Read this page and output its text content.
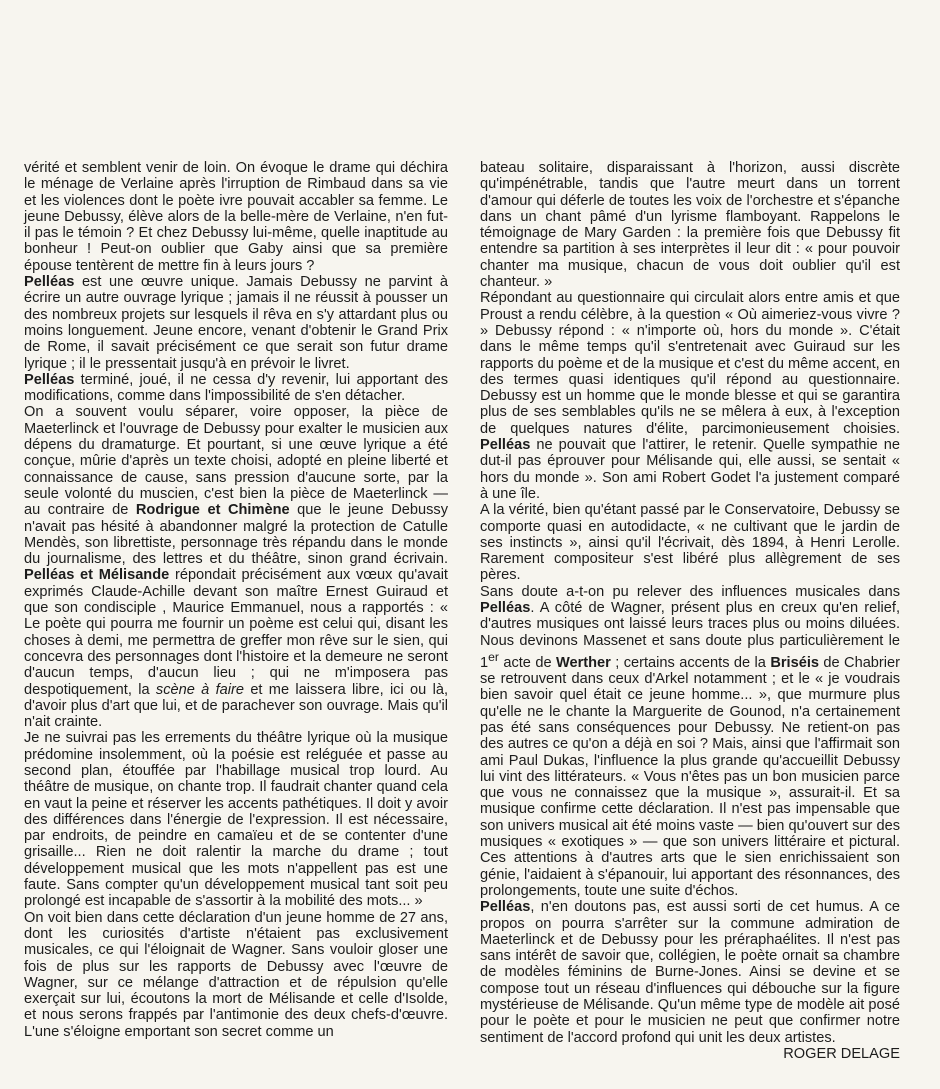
·

vérité et semblent venir de loin. On évoque le drame qui déchira le ménage de Verlaine après l'irruption de Rimbaud dans sa vie et les violences dont le poète ivre pouvait accabler sa femme. Le jeune Debussy, élève alors de la belle-mère de Verlaine, n'en fut-il pas le témoin ? Et chez Debussy lui-même, quelle inaptitude au bonheur ! Peut-on oublier que Gaby ainsi que sa première épouse tentèrent de mettre fin à leurs jours ?

Pelléas est une œuvre unique. Jamais Debussy ne parvint à écrire un autre ouvrage lyrique ; jamais il ne réussit à pousser un des nombreux projets sur lesquels il rêva en s'y attardant plus ou moins longuement. Jeune encore, venant d'obtenir le Grand Prix de Rome, il savait précisément ce que serait son futur drame lyrique ; il le pressentait jusqu'à en prévoir le livret.

Pelléas terminé, joué, il ne cessa d'y revenir, lui apportant des modifications, comme dans l'impossibilité de s'en détacher.

On a souvent voulu séparer, voire opposer, la pièce de Maeterlinck et l'ouvrage de Debussy pour exalter le musicien aux dépens du dramaturge. Et pourtant, si une œuve lyrique a été conçue, mûrie d'après un texte choisi, adopté en pleine liberté et connaissance de cause, sans pression d'aucune sorte, par la seule volonté du muscien, c'est bien la pièce de Maeterlinck — au contraire de Rodrigue et Chimène que le jeune Debussy n'avait pas hésité à abandonner malgré la protection de Catulle Mendès, son librettiste, personnage très répandu dans le monde du journalisme, des lettres et du théâtre, sinon grand écrivain. Pelléas et Mélisande répondait précisément aux vœux qu'avait exprimés Claude-Achille devant son maître Ernest Guiraud et que son condisciple , Maurice Emmanuel, nous a rapportés : « Le poète qui pourra me fournir un poème est celui qui, disant les choses à demi, me permettra de greffer mon rêve sur le sien, qui concevra des personnages dont l'histoire et la demeure ne seront d'aucun temps, d'aucun lieu ; qui ne m'imposera pas despotiquement, la scène à faire et me laissera libre, ici ou là, d'avoir plus d'art que lui, et de parachever son ouvrage. Mais qu'il n'ait crainte.

Je ne suivrai pas les errements du théâtre lyrique où la musique prédomine insolemment, où la poésie est reléguée et passe au second plan, étouffée par l'habillage musical trop lourd. Au théâtre de musique, on chante trop. Il faudrait chanter quand cela en vaut la peine et réserver les accents pathétiques. Il doit y avoir des différences dans l'énergie de l'expression. Il est nécessaire, par endroits, de peindre en camaïeu et de se contenter d'une grisaille... Rien ne doit ralentir la marche du drame ; tout développement musical que les mots n'appellent pas est une faute. Sans compter qu'un développement musical tant soit peu prolongé est incapable de s'assortir à la mobilité des mots... »

On voit bien dans cette déclaration d'un jeune homme de 27 ans, dont les curiosités d'artiste n'étaient pas exclusivement musicales, ce qui l'éloignait de Wagner. Sans vouloir gloser une fois de plus sur les rapports de Debussy avec l'œuvre de Wagner, sur ce mélange d'attraction et de répulsion qu'elle exerçait sur lui, écoutons la mort de Mélisande et celle d'Isolde, et nous serons frappés par l'antimonie des deux chefs-d'œuvre. L'une s'éloigne emportant son secret comme un

bateau solitaire, disparaissant à l'horizon, aussi discrète qu'impénétrable, tandis que l'autre meurt dans un torrent d'amour qui déferle de toutes les voix de l'orchestre et s'épanche dans un chant pâmé d'un lyrisme flamboyant. Rappelons le témoignage de Mary Garden : la première fois que Debussy fit entendre sa partition à ses interprètes il leur dit : « pour pouvoir chanter ma musique, chacun de vous doit oublier qu'il est chanteur. »

Répondant au questionnaire qui circulait alors entre amis et que Proust a rendu célèbre, à la question « Où aimeriez-vous vivre ? » Debussy répond : « n'importe où, hors du monde ». C'était dans le même temps qu'il s'entretenait avec Guiraud sur les rapports du poème et de la musique et c'est du même accent, en des termes quasi identiques qu'il répond au questionnaire. Debussy est un homme que le monde blesse et qui se garantira plus de ses semblables qu'ils ne se mêlera à eux, à l'exception de quelques natures d'élite, parcimonieusement choisies. Pelléas ne pouvait que l'attirer, le retenir. Quelle sympathie ne dut-il pas éprouver pour Mélisande qui, elle aussi, se sentait « hors du monde ». Son ami Robert Godet l'a justement comparé à une île.

A la vérité, bien qu'étant passé par le Conservatoire, Debussy se comporte quasi en autodidacte, « ne cultivant que le jardin de ses instincts », ainsi qu'il l'écrivait, dès 1894, à Henri Lerolle. Rarement compositeur s'est libéré plus allègrement de ses pères.

Sans doute a-t-on pu relever des influences musicales dans Pelléas. A côté de Wagner, présent plus en creux qu'en relief, d'autres musiques ont laissé leurs traces plus ou moins diluées. Nous devinons Massenet et sans doute plus particulièrement le 1er acte de Werther ; certains accents de la Briséis de Chabrier se retrouvent dans ceux d'Arkel notamment ; et le « je voudrais bien savoir quel était ce jeune homme... », que murmure plus qu'elle ne le chante la Marguerite de Gounod, n'a certainement pas été sans conséquences pour Debussy. Ne retient-on pas des autres ce qu'on a déjà en soi ? Mais, ainsi que l'affirmait son ami Paul Dukas, l'influence la plus grande qu'accueillit Debussy lui vint des littérateurs. « Vous n'êtes pas un bon musicien parce que vous ne connaissez que la musique », assurait-il. Et sa musique confirme cette déclaration. Il n'est pas impensable que son univers musical ait été moins vaste — bien qu'ouvert sur des musiques « exotiques » — que son univers littéraire et pictural. Ces attentions à d'autres arts que le sien enrichissaient son génie, l'aidaient à s'épanouir, lui apportant des résonnances, des prolongements, toute une suite d'échos.

Pelléas, n'en doutons pas, est aussi sorti de cet humus. A ce propos on pourra s'arrêter sur la commune admiration de Maeterlinck et de Debussy pour les préraphaélites. Il n'est pas sans intérêt de savoir que, collégien, le poète ornait sa chambre de modèles féminins de Burne-Jones. Ainsi se devine et se compose tout un réseau d'influences qui débouche sur la figure mystérieuse de Mélisande. Qu'un même type de modèle ait posé pour le poète et pour le musicien ne peut que confirmer notre sentiment de l'accord profond qui unit les deux artistes.

ROGER DELAGE
